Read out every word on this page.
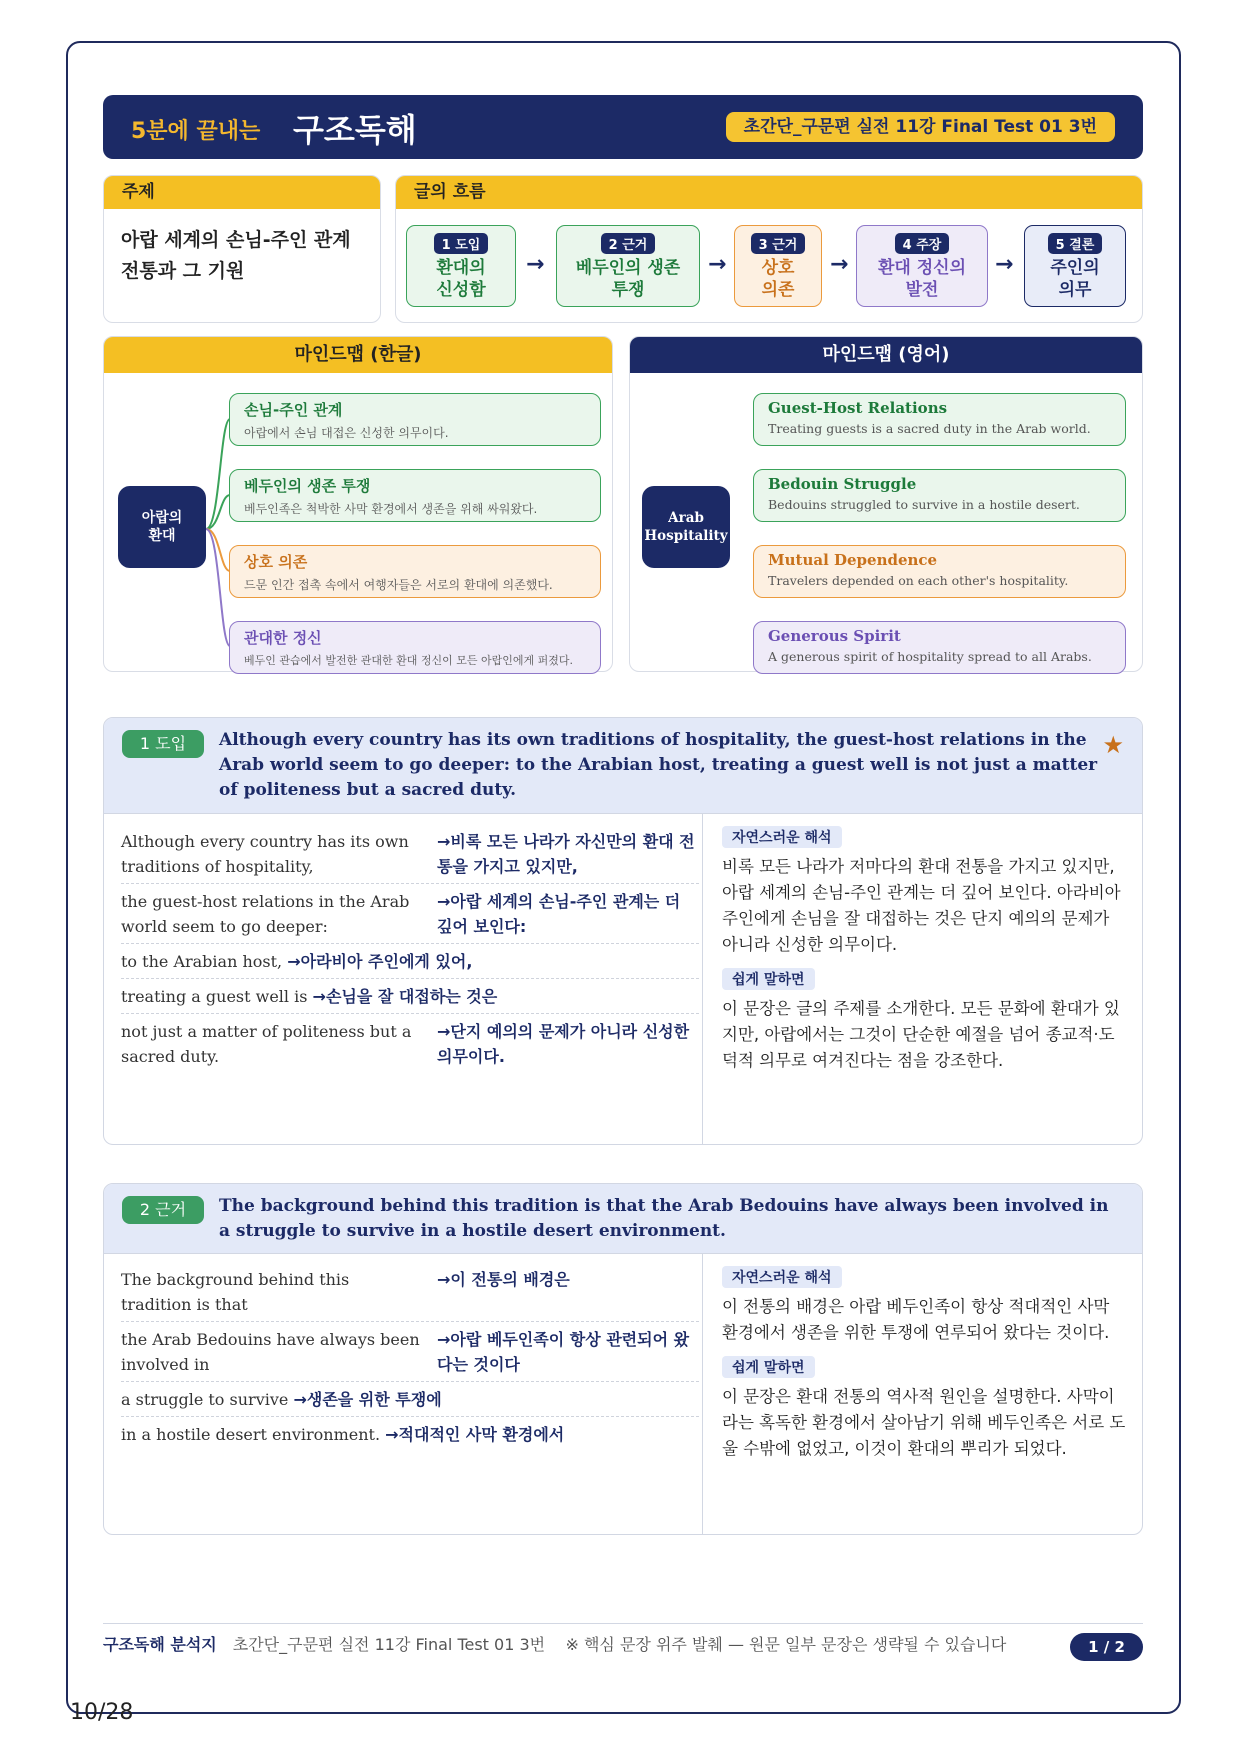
5분에 끝내는 구조독해	초간단_구문편 실전 11강 Final Test 01 3번
주제
아랍 세계의 손님-주인 관계 전통과 그 기원
글의 흐름
1 도입
환대의
신성함
→
2 근거
베두인의 생존
투쟁
→
3 근거
상호
의존
→
4 주장
환대 정신의
발전
→
5 결론
주인의
의무
마인드맵 (한글)
아랍의
환대
손님-주인 관계
아랍에서 손님 대접은 신성한 의무이다.
베두인의 생존 투쟁
베두인족은 척박한 사막 환경에서 생존을 위해 싸워왔다.
상호 의존
드문 인간 접촉 속에서 여행자들은 서로의 환대에 의존했다.
관대한 정신
베두인 관습에서 발전한 관대한 환대 정신이 모든 아랍인에게 퍼졌다.
마인드맵 (영어)
Arab
Hospitality
Guest-Host Relations
Treating guests is a sacred duty in the Arab world.
Bedouin Struggle
Bedouins struggled to survive in a hostile desert.
Mutual Dependence
Travelers depended on each other's hospitality.
Generous Spirit
A generous spirit of hospitality spread to all Arabs.
1 도입	Although every country has its own traditions of hospitality, the guest-host relations in the Arab world seem to go deeper: to the Arabian host, treating a guest well is not just a matter of politeness but a sacred duty.
★
Although every country has its own traditions of hospitality,
→비록 모든 나라가 자신만의 환대 전통을 가지고 있지만,
the guest-host relations in the Arab world seem to go deeper:
→아랍 세계의 손님-주인 관계는 더 깊어 보인다:
to the Arabian host, →아라비아 주인에게 있어,
treating a guest well is →손님을 잘 대접하는 것은
not just a matter of politeness but a sacred duty.
→단지 예의의 문제가 아니라 신성한 의무이다.
자연스러운 해석
비록 모든 나라가 저마다의 환대 전통을 가지고 있지만, 아랍 세계의 손님-주인 관계는 더 깊어 보인다. 아라비아 주인에게 손님을 잘 대접하는 것은 단지 예의의 문제가 아니라 신성한 의무이다.
쉽게 말하면
이 문장은 글의 주제를 소개한다. 모든 문화에 환대가 있지만, 아랍에서는 그것이 단순한 예절을 넘어 종교적·도덕적 의무로 여겨진다는 점을 강조한다.
2 근거	The background behind this tradition is that the Arab Bedouins have always been involved in a struggle to survive in a hostile desert environment.
The background behind this tradition is that
→이 전통의 배경은
the Arab Bedouins have always been involved in
→아랍 베두인족이 항상 관련되어 왔다는 것이다
a struggle to survive →생존을 위한 투쟁에
in a hostile desert environment. →적대적인 사막 환경에서
자연스러운 해석
이 전통의 배경은 아랍 베두인족이 항상 적대적인 사막 환경에서 생존을 위한 투쟁에 연루되어 왔다는 것이다.
쉽게 말하면
이 문장은 환대 전통의 역사적 원인을 설명한다. 사막이라는 혹독한 환경에서 살아남기 위해 베두인족은 서로 도울 수밖에 없었고, 이것이 환대의 뿌리가 되었다.
구조독해 분석지 초간단_구문편 실전 11강 Final Test 01 3번    ※ 핵심 문장 위주 발췌 — 원문 일부 문장은 생략될 수 있습니다	1 / 2
10/28
